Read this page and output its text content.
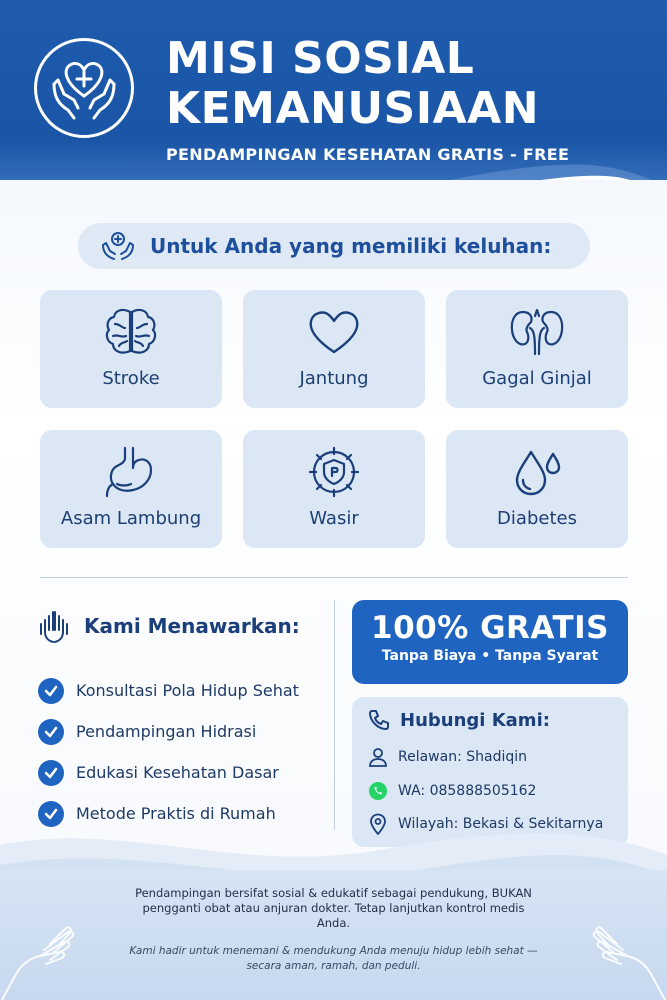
MISI SOSIAL
KEMANUSIAAN
PENDAMPINGAN KESEHATAN GRATIS - FREE
Untuk Anda yang memiliki keluhan:
Stroke	Jantung	Gagal Ginjal
Asam Lambung	Wasir	Diabetes
Kami Menawarkan:
Konsultasi Pola Hidup Sehat
Pendampingan Hidrasi
Edukasi Kesehatan Dasar
Metode Praktis di Rumah
100% GRATIS
Tanpa Biaya • Tanpa Syarat
Hubungi Kami:
Relawan: Shadiqin
WA: 085888505162
Wilayah: Bekasi & Sekitarnya
Pendampingan bersifat sosial & edukatif sebagai pendukung, BUKAN pengganti obat atau anjuran dokter. Tetap lanjutkan kontrol medis Anda.
Kami hadir untuk menemani & mendukung Anda menuju hidup lebih sehat — secara aman, ramah, dan peduli.
